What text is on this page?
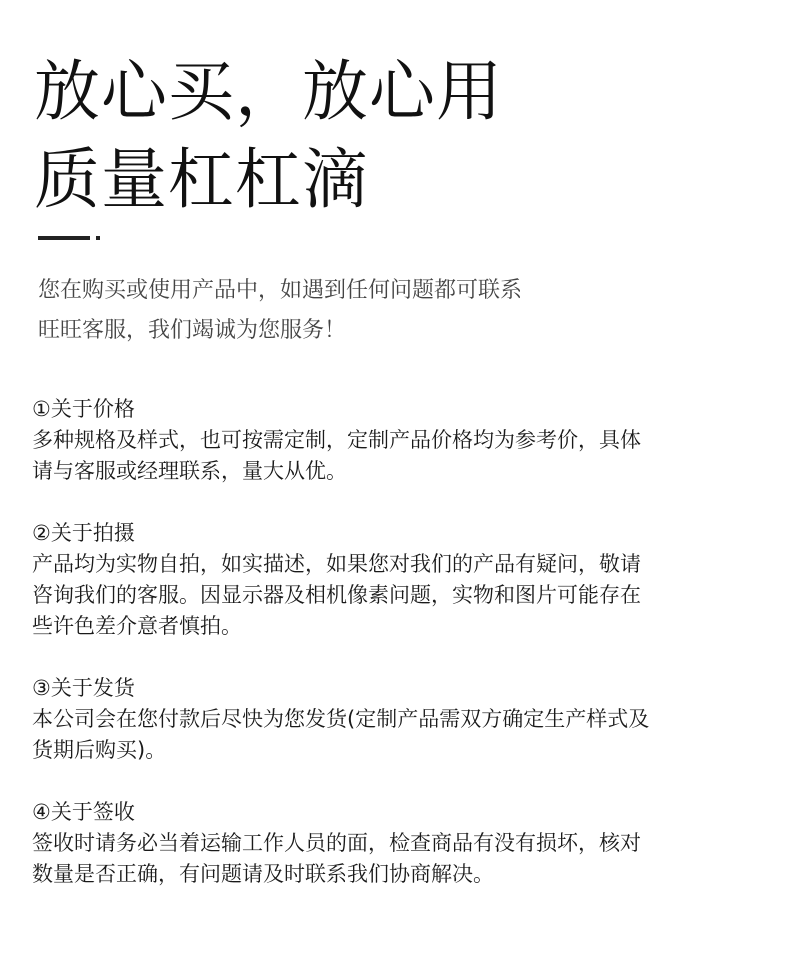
放心买，放心用
质量杠杠滴
您在购买或使用产品中，如遇到任何问题都可联系
旺旺客服，我们竭诚为您服务！
①关于价格
多种规格及样式，也可按需定制，定制产品价格均为参考价，具体
请与客服或经理联系，量大从优。
②关于拍摄
产品均为实物自拍，如实描述，如果您对我们的产品有疑问，敬请
咨询我们的客服。因显示器及相机像素问题，实物和图片可能存在
些许色差介意者慎拍。
③关于发货
本公司会在您付款后尽快为您发货(定制产品需双方确定生产样式及
货期后购买)。
④关于签收
签收时请务必当着运输工作人员的面，检查商品有没有损坏，核对
数量是否正确，有问题请及时联系我们协商解决。
